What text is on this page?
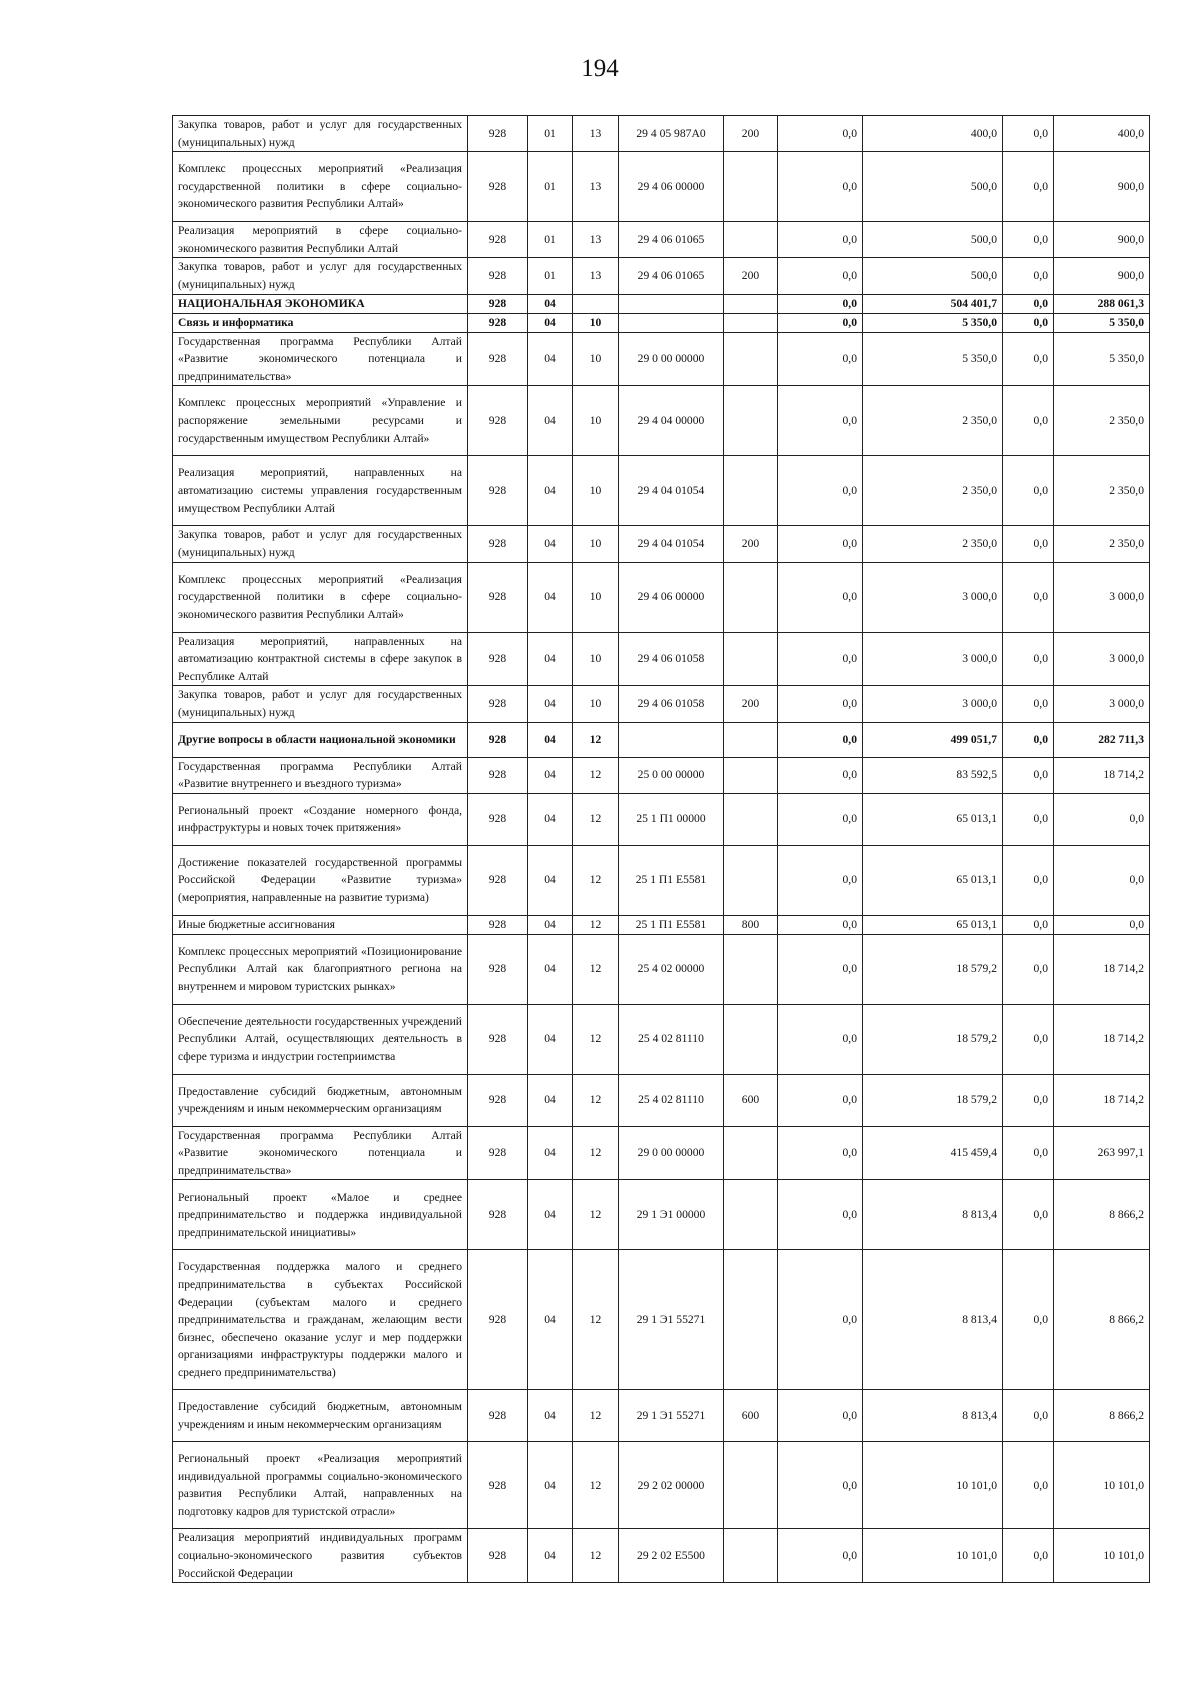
194
Закупка товаров, работ и услуг для государственных (муниципальных) нужд	928	01	13	29 4 05 987А0	200	0,0	400,0	0,0	400,0
Комплекс процессных мероприятий «Реализация государственной политики в сфере социально-экономического развития Республики Алтай»	928	01	13	29 4 06 00000		0,0	500,0	0,0	900,0
Реализация мероприятий в сфере социально-экономического развития Республики Алтай	928	01	13	29 4 06 01065		0,0	500,0	0,0	900,0
Закупка товаров, работ и услуг для государственных (муниципальных) нужд	928	01	13	29 4 06 01065	200	0,0	500,0	0,0	900,0
НАЦИОНАЛЬНАЯ ЭКОНОМИКА	928	04				0,0	504 401,7	0,0	288 061,3
Связь и информатика	928	04	10			0,0	5 350,0	0,0	5 350,0
Государственная программа Республики Алтай «Развитие экономического потенциала и предпринимательства»	928	04	10	29 0 00 00000		0,0	5 350,0	0,0	5 350,0
Комплекс процессных мероприятий «Управление и распоряжение земельными ресурсами и государственным имуществом Республики Алтай»	928	04	10	29 4 04 00000		0,0	2 350,0	0,0	2 350,0
Реализация мероприятий, направленных на автоматизацию системы управления государственным имуществом Республики Алтай	928	04	10	29 4 04 01054		0,0	2 350,0	0,0	2 350,0
Закупка товаров, работ и услуг для государственных (муниципальных) нужд	928	04	10	29 4 04 01054	200	0,0	2 350,0	0,0	2 350,0
Комплекс процессных мероприятий «Реализация государственной политики в сфере социально-экономического развития Республики Алтай»	928	04	10	29 4 06 00000		0,0	3 000,0	0,0	3 000,0
Реализация мероприятий, направленных на автоматизацию контрактной системы в сфере закупок в Республике Алтай	928	04	10	29 4 06 01058		0,0	3 000,0	0,0	3 000,0
Закупка товаров, работ и услуг для государственных (муниципальных) нужд	928	04	10	29 4 06 01058	200	0,0	3 000,0	0,0	3 000,0
Другие вопросы в области национальной экономики	928	04	12			0,0	499 051,7	0,0	282 711,3
Государственная программа Республики Алтай «Развитие внутреннего и въездного туризма»	928	04	12	25 0 00 00000		0,0	83 592,5	0,0	18 714,2
Региональный проект «Создание номерного фонда, инфраструктуры и новых точек притяжения»	928	04	12	25 1 П1 00000		0,0	65 013,1	0,0	0,0
Достижение показателей государственной программы Российской Федерации «Развитие туризма» (мероприятия, направленные на развитие туризма)	928	04	12	25 1 П1 Е5581		0,0	65 013,1	0,0	0,0
Иные бюджетные ассигнования	928	04	12	25 1 П1 Е5581	800	0,0	65 013,1	0,0	0,0
Комплекс процессных мероприятий «Позиционирование Республики Алтай как благоприятного региона на внутреннем и мировом туристских рынках»	928	04	12	25 4 02 00000		0,0	18 579,2	0,0	18 714,2
Обеспечение деятельности государственных учреждений Республики Алтай, осуществляющих деятельность в сфере туризма и индустрии гостеприимства	928	04	12	25 4 02 81110		0,0	18 579,2	0,0	18 714,2
Предоставление субсидий бюджетным, автономным учреждениям и иным некоммерческим организациям	928	04	12	25 4 02 81110	600	0,0	18 579,2	0,0	18 714,2
Государственная программа Республики Алтай «Развитие экономического потенциала и предпринимательства»	928	04	12	29 0 00 00000		0,0	415 459,4	0,0	263 997,1
Региональный проект «Малое и среднее предпринимательство и поддержка индивидуальной предпринимательской инициативы»	928	04	12	29 1 Э1 00000		0,0	8 813,4	0,0	8 866,2
Государственная поддержка малого и среднего предпринимательства в субъектах Российской Федерации (субъектам малого и среднего предпринимательства и гражданам, желающим вести бизнес, обеспечено оказание услуг и мер поддержки организациями инфраструктуры поддержки малого и среднего предпринимательства)	928	04	12	29 1 Э1 55271		0,0	8 813,4	0,0	8 866,2
Предоставление субсидий бюджетным, автономным учреждениям и иным некоммерческим организациям	928	04	12	29 1 Э1 55271	600	0,0	8 813,4	0,0	8 866,2
Региональный проект «Реализация мероприятий индивидуальной программы социально-экономического развития Республики Алтай, направленных на подготовку кадров для туристской отрасли»	928	04	12	29 2 02 00000		0,0	10 101,0	0,0	10 101,0
Реализация мероприятий индивидуальных программ социально-экономического развития субъектов Российской Федерации	928	04	12	29 2 02 Е5500		0,0	10 101,0	0,0	10 101,0
